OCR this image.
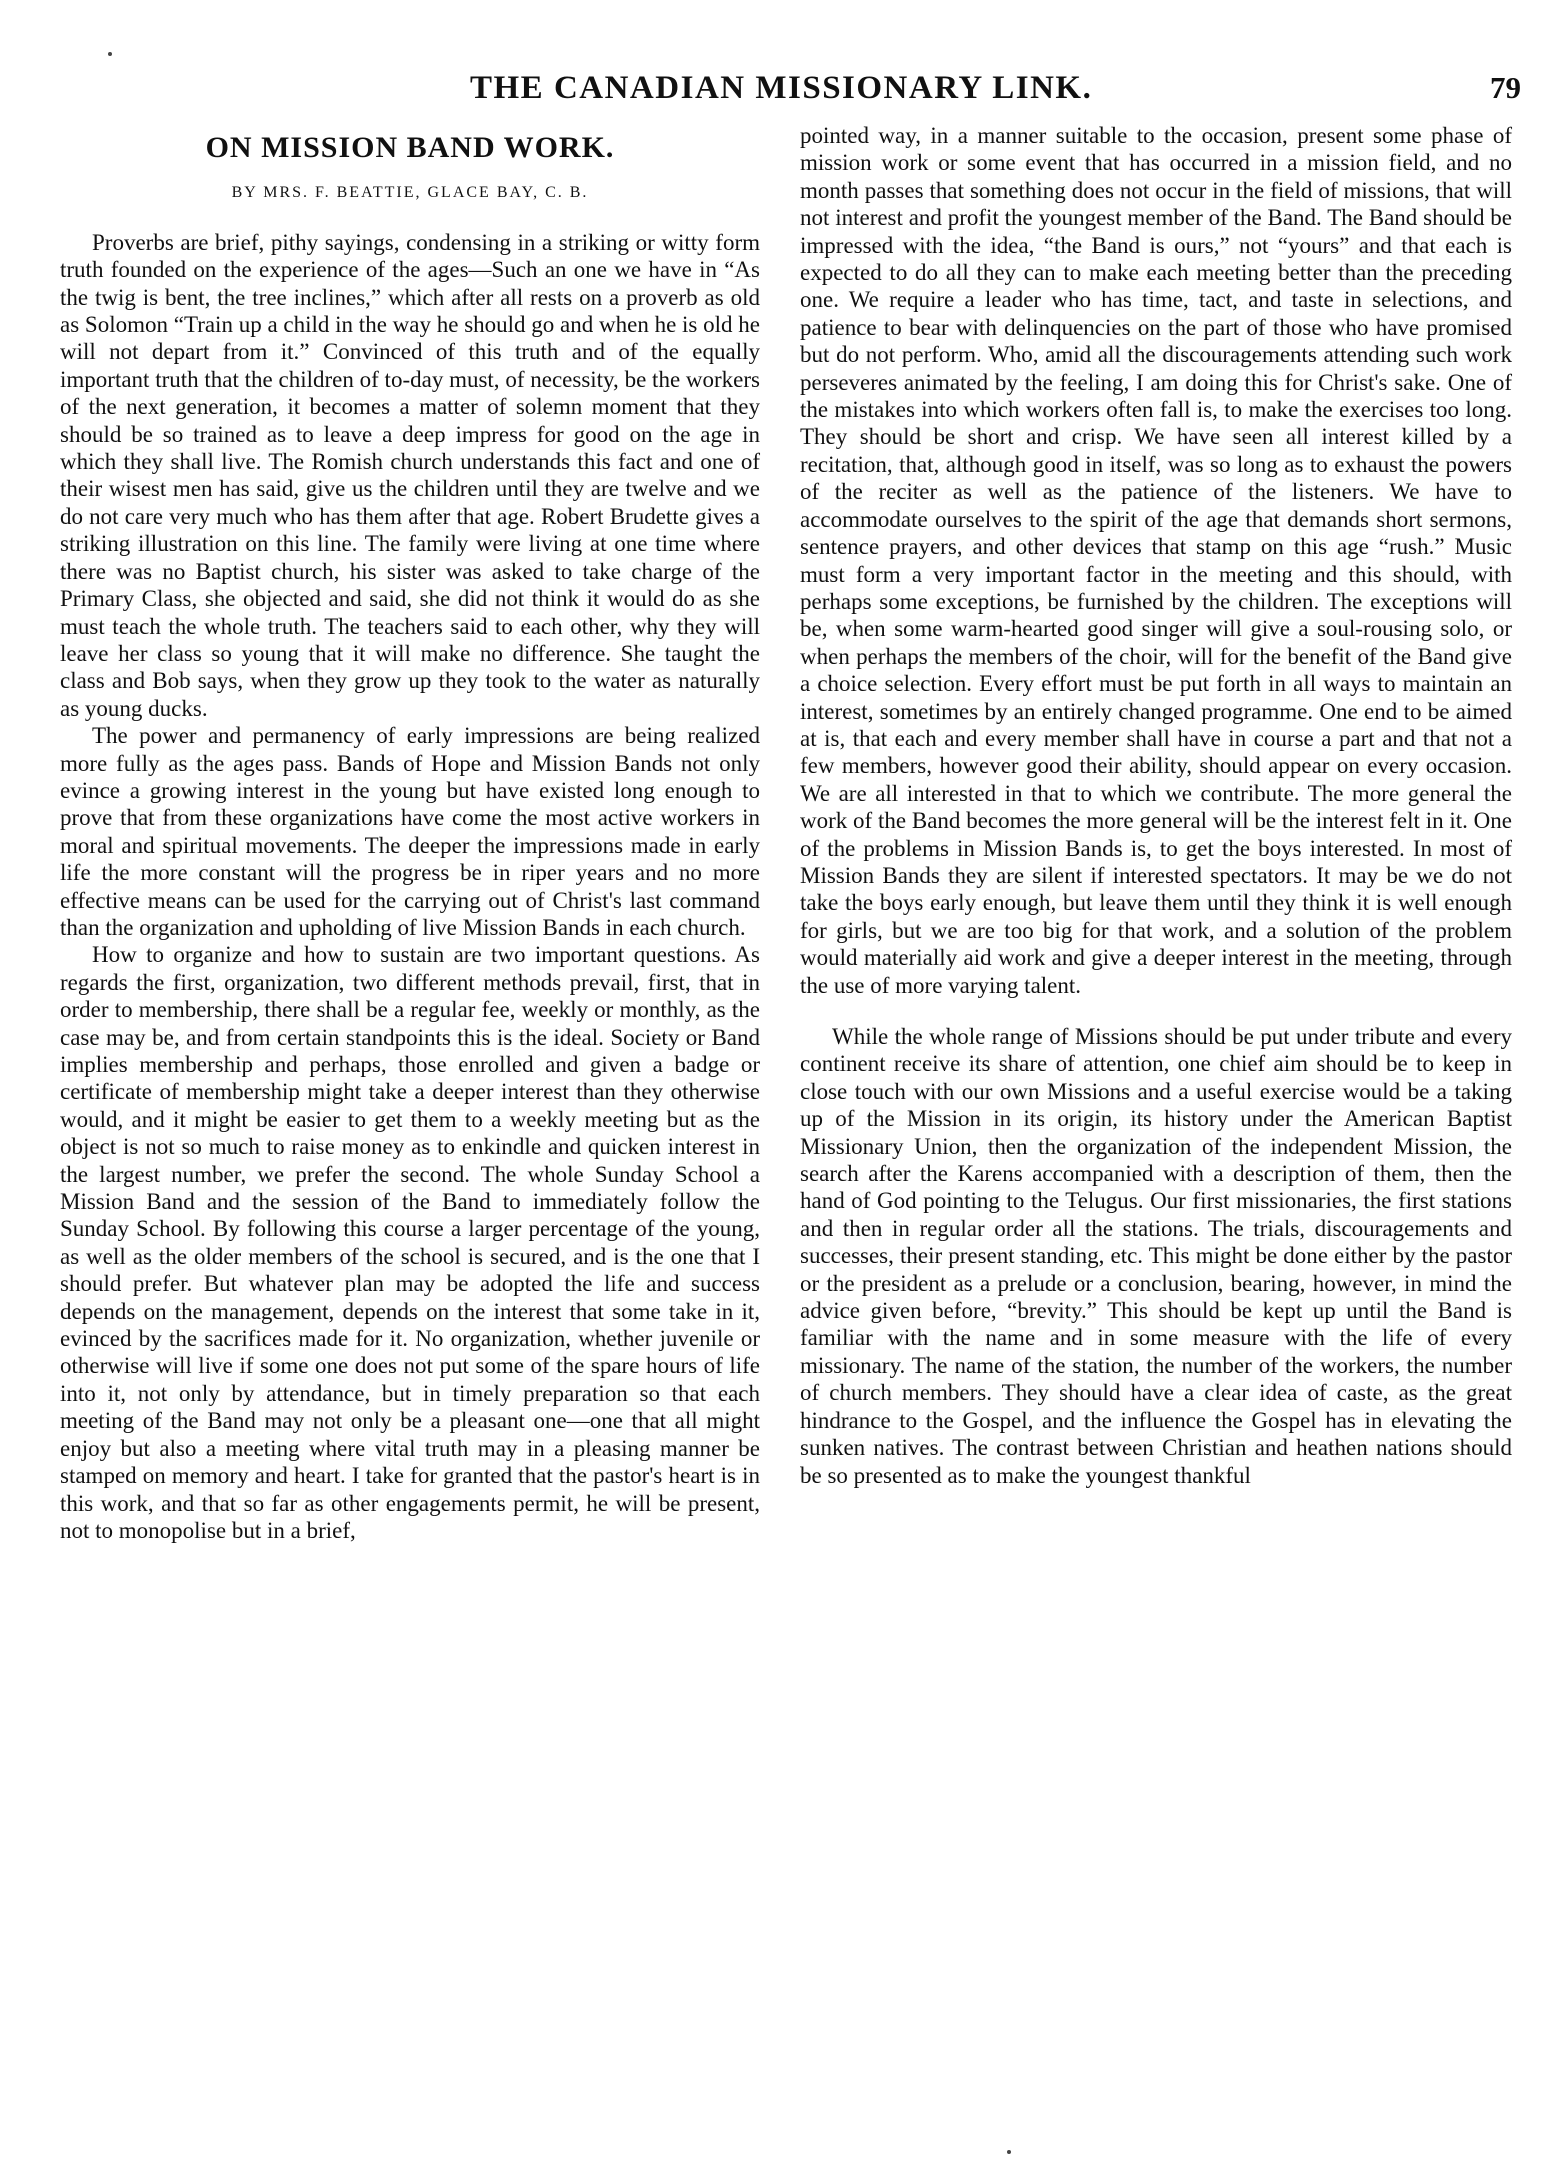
THE CANADIAN MISSIONARY LINK.	79
ON MISSION BAND WORK.
BY MRS. F. BEATTIE, GLACE BAY, C. B.

Proverbs are brief, pithy sayings, condensing in a striking or witty form truth founded on the experience of the ages—Such an one we have in “As the twig is bent, the tree inclines,” which after all rests on a proverb as old as Solomon “Train up a child in the way he should go and when he is old he will not depart from it.” Convinced of this truth and of the equally important truth that the children of to-day must, of necessity, be the workers of the next generation, it becomes a matter of solemn moment that they should be so trained as to leave a deep impress for good on the age in which they shall live. The Romish church understands this fact and one of their wisest men has said, give us the children until they are twelve and we do not care very much who has them after that age. Robert Brudette gives a striking illustration on this line. The family were living at one time where there was no Baptist church, his sister was asked to take charge of the Primary Class, she objected and said, she did not think it would do as she must teach the whole truth. The teachers said to each other, why they will leave her class so young that it will make no difference. She taught the class and Bob says, when they grow up they took to the water as naturally as young ducks.

The power and permanency of early impressions are being realized more fully as the ages pass. Bands of Hope and Mission Bands not only evince a growing interest in the young but have existed long enough to prove that from these organizations have come the most active workers in moral and spiritual movements. The deeper the impressions made in early life the more constant will the progress be in riper years and no more effective means can be used for the carrying out of Christ's last command than the organization and upholding of live Mission Bands in each church.

How to organize and how to sustain are two important questions. As regards the first, organization, two different methods prevail, first, that in order to membership, there shall be a regular fee, weekly or monthly, as the case may be, and from certain standpoints this is the ideal. Society or Band implies membership and perhaps, those enrolled and given a badge or certificate of membership might take a deeper interest than they otherwise would, and it might be easier to get them to a weekly meeting but as the object is not so much to raise money as to enkindle and quicken interest in the largest number, we prefer the second. The whole Sunday School a Mission Band and the session of the Band to immediately follow the Sunday School. By following this course a larger percentage of the young, as well as the older members of the school is secured, and is the one that I should prefer. But whatever plan may be adopted the life and success depends on the management, depends on the interest that some take in it, evinced by the sacrifices made for it. No organization, whether juvenile or otherwise will live if some one does not put some of the spare hours of life into it, not only by attendance, but in timely preparation so that each meeting of the Band may not only be a pleasant one—one that all might enjoy but also a meeting where vital truth may in a pleasing manner be stamped on memory and heart. I take for granted that the pastor's heart is in this work, and that so far as other engagements permit, he will be present, not to monopolise but in a brief,

pointed way, in a manner suitable to the occasion, present some phase of mission work or some event that has occurred in a mission field, and no month passes that something does not occur in the field of missions, that will not interest and profit the youngest member of the Band. The Band should be impressed with the idea, “the Band is ours,” not “yours” and that each is expected to do all they can to make each meeting better than the preceding one. We require a leader who has time, tact, and taste in selections, and patience to bear with delinquencies on the part of those who have promised but do not perform. Who, amid all the discouragements attending such work perseveres animated by the feeling, I am doing this for Christ's sake. One of the mistakes into which workers often fall is, to make the exercises too long. They should be short and crisp. We have seen all interest killed by a recitation, that, although good in itself, was so long as to exhaust the powers of the reciter as well as the patience of the listeners. We have to accommodate ourselves to the spirit of the age that demands short sermons, sentence prayers, and other devices that stamp on this age “rush.” Music must form a very important factor in the meeting and this should, with perhaps some exceptions, be furnished by the children. The exceptions will be, when some warm-hearted good singer will give a soul-rousing solo, or when perhaps the members of the choir, will for the benefit of the Band give a choice selection. Every effort must be put forth in all ways to maintain an interest, sometimes by an entirely changed programme. One end to be aimed at is, that each and every member shall have in course a part and that not a few members, however good their ability, should appear on every occasion. We are all interested in that to which we contribute. The more general the work of the Band becomes the more general will be the interest felt in it. One of the problems in Mission Bands is, to get the boys interested. In most of Mission Bands they are silent if interested spectators. It may be we do not take the boys early enough, but leave them until they think it is well enough for girls, but we are too big for that work, and a solution of the problem would materially aid work and give a deeper interest in the meeting, through the use of more varying talent.

While the whole range of Missions should be put under tribute and every continent receive its share of attention, one chief aim should be to keep in close touch with our own Missions and a useful exercise would be a taking up of the Mission in its origin, its history under the American Baptist Missionary Union, then the organization of the independent Mission, the search after the Karens accompanied with a description of them, then the hand of God pointing to the Telugus. Our first missionaries, the first stations and then in regular order all the stations. The trials, discouragements and successes, their present standing, etc. This might be done either by the pastor or the president as a prelude or a conclusion, bearing, however, in mind the advice given before, “brevity.” This should be kept up until the Band is familiar with the name and in some measure with the life of every missionary. The name of the station, the number of the workers, the number of church members. They should have a clear idea of caste, as the great hindrance to the Gospel, and the influence the Gospel has in elevating the sunken natives. The contrast between Christian and heathen nations should be so presented as to make the youngest thankful
